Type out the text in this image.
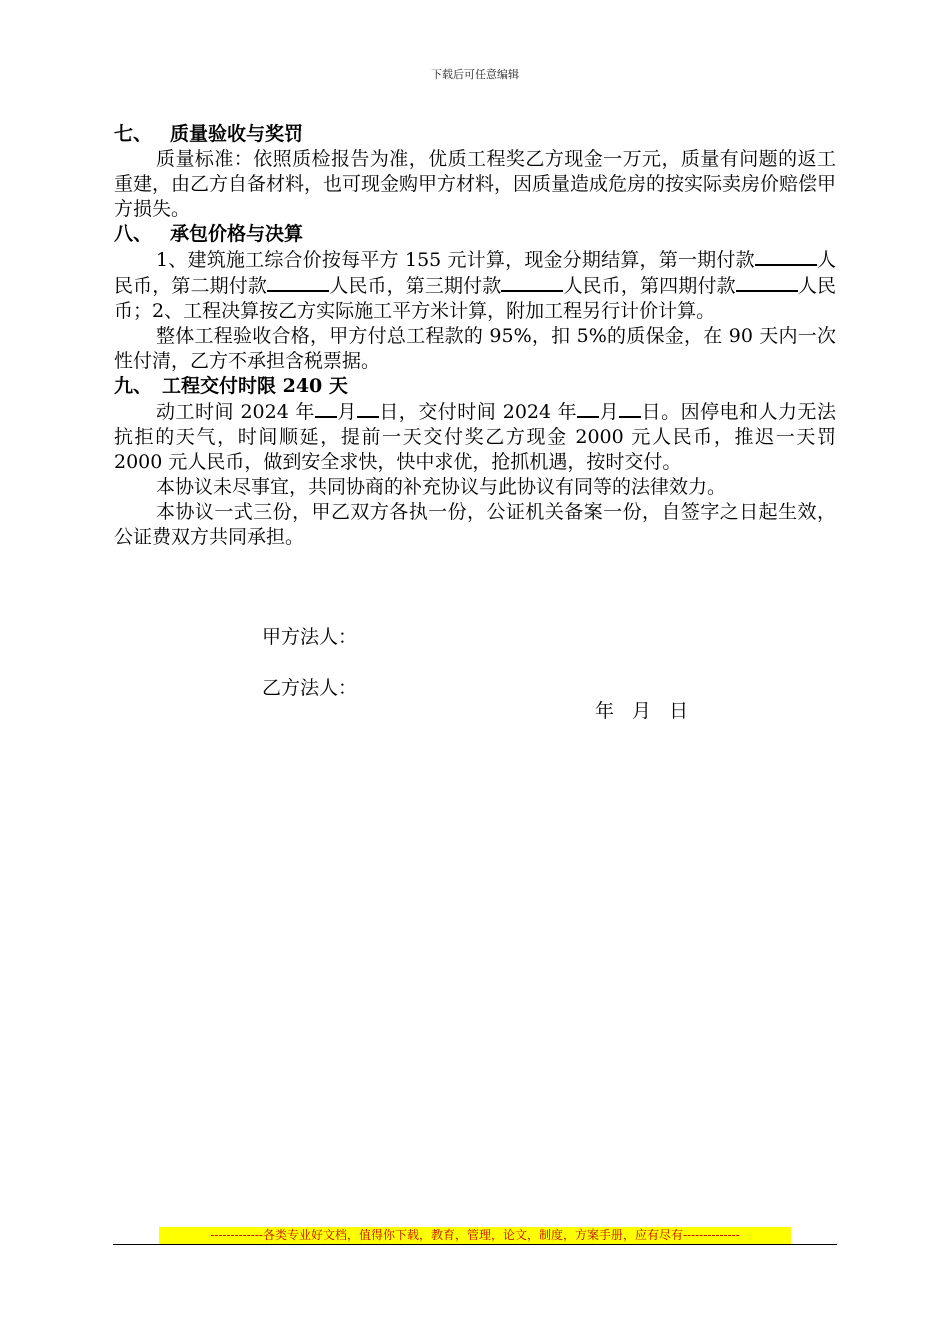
下载后可任意编辑

七、 质量验收与奖罚

质量标准：依照质检报告为准，优质工程奖乙方现金一万元，质量有问题的返工重建，由乙方自备材料，也可现金购甲方材料，因质量造成危房的按实际卖房价赔偿甲方损失。

八、 承包价格与决算

1、建筑施工综合价按每平方 155 元计算，现金分期结算，第一期付款	人民币，第二期付款	人民币，第三期付款	人民币，第四期付款	人民币；2、工程决算按乙方实际施工平方米计算，附加工程另行计价计算。

整体工程验收合格，甲方付总工程款的 95%，扣 5%的质保金，在 90 天内一次性付清，乙方不承担含税票据。

九、 工程交付时限 240 天

动工时间 2024 年 月 日，交付时间 2024 年 月 日。因停电和人力无法抗拒的天气，时间顺延，提前一天交付奖乙方现金 2000 元人民币，推迟一天罚 2000 元人民币，做到安全求快，快中求优，抢抓机遇，按时交付。

本协议未尽事宜，共同协商的补充协议与此协议有同等的法律效力。

本协议一式三份，甲乙双方各执一份，公证机关备案一份，自签字之日起生效，公证费双方共同承担。

甲方法人：
乙方法人：
年 月 日
-------------各类专业好文档，值得你下载，教育，管理，论文，制度，方案手册，应有尽有--------------
